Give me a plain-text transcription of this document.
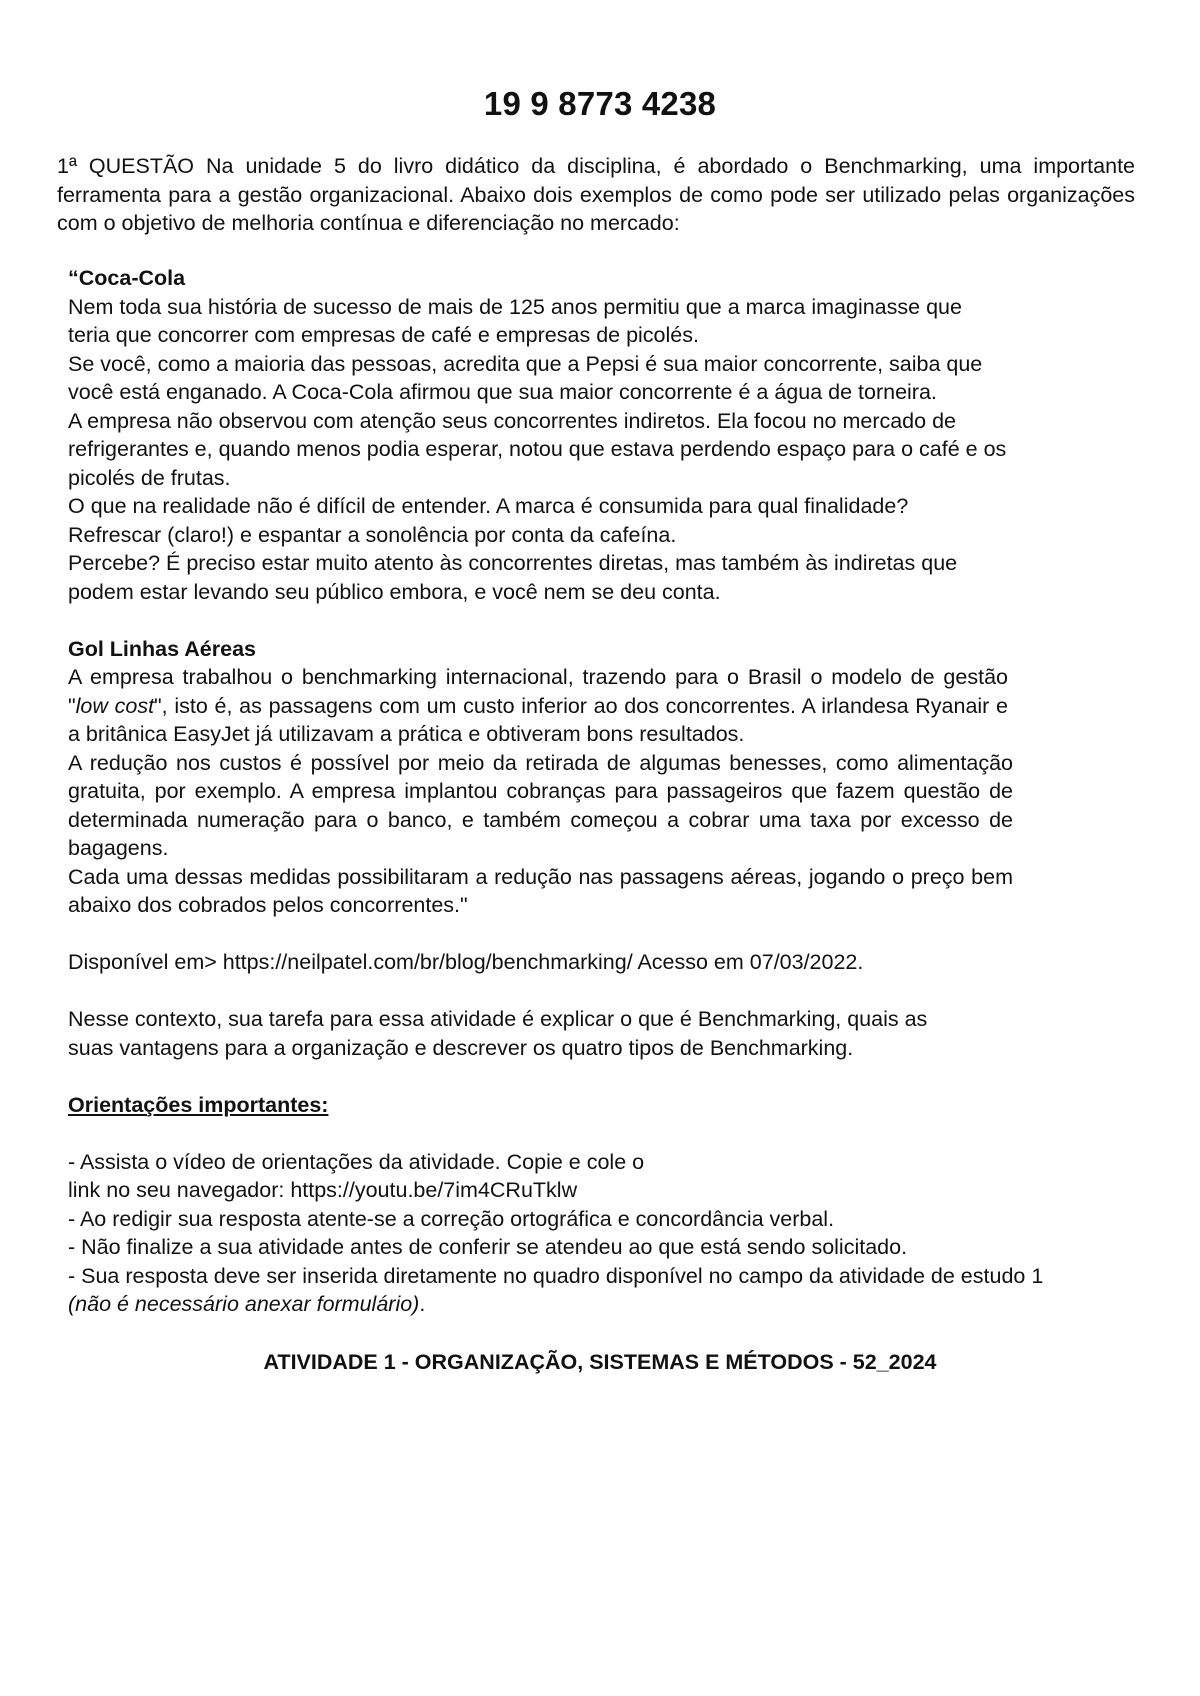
19 9 8773 4238

1ª QUESTÃO Na unidade 5 do livro didático da disciplina, é abordado o Benchmarking, uma importante ferramenta para a gestão organizacional. Abaixo dois exemplos de como pode ser utilizado pelas organizações com o objetivo de melhoria contínua e diferenciação no mercado:

“Coca-Cola

Nem toda sua história de sucesso de mais de 125 anos permitiu que a marca imaginasse que teria que concorrer com empresas de café e empresas de picolés.

Se você, como a maioria das pessoas, acredita que a Pepsi é sua maior concorrente, saiba que você está enganado. A Coca-Cola afirmou que sua maior concorrente é a água de torneira.

A empresa não observou com atenção seus concorrentes indiretos. Ela focou no mercado de refrigerantes e, quando menos podia esperar, notou que estava perdendo espaço para o café e os picolés de frutas.

O que na realidade não é difícil de entender. A marca é consumida para qual finalidade? Refrescar (claro!) e espantar a sonolência por conta da cafeína.

Percebe? É preciso estar muito atento às concorrentes diretas, mas também às indiretas que podem estar levando seu público embora, e você nem se deu conta.

Gol Linhas Aéreas

A empresa trabalhou o benchmarking internacional, trazendo para o Brasil o modelo de gestão "low cost", isto é, as passagens com um custo inferior ao dos concorrentes. A irlandesa Ryanair e a britânica EasyJet já utilizavam a prática e obtiveram bons resultados.

A redução nos custos é possível por meio da retirada de algumas benesses, como alimentação gratuita, por exemplo. A empresa implantou cobranças para passageiros que fazem questão de determinada numeração para o banco, e também começou a cobrar uma taxa por excesso de bagagens.

Cada uma dessas medidas possibilitaram a redução nas passagens aéreas, jogando o preço bem abaixo dos cobrados pelos concorrentes."

Disponível em> https://neilpatel.com/br/blog/benchmarking/ Acesso em 07/03/2022.

Nesse contexto, sua tarefa para essa atividade é explicar o que é Benchmarking, quais as suas vantagens para a organização e descrever os quatro tipos de Benchmarking.

Orientações importantes:

- Assista o vídeo de orientações da atividade. Copie e cole o

link no seu navegador: https://youtu.be/7im4CRuTklw

- Ao redigir sua resposta atente-se a correção ortográfica e concordância verbal.

- Não finalize a sua atividade antes de conferir se atendeu ao que está sendo solicitado.

- Sua resposta deve ser inserida diretamente no quadro disponível no campo da atividade de estudo 1 (não é necessário anexar formulário).

ATIVIDADE 1 - ORGANIZAÇÃO, SISTEMAS E MÉTODOS - 52_2024
